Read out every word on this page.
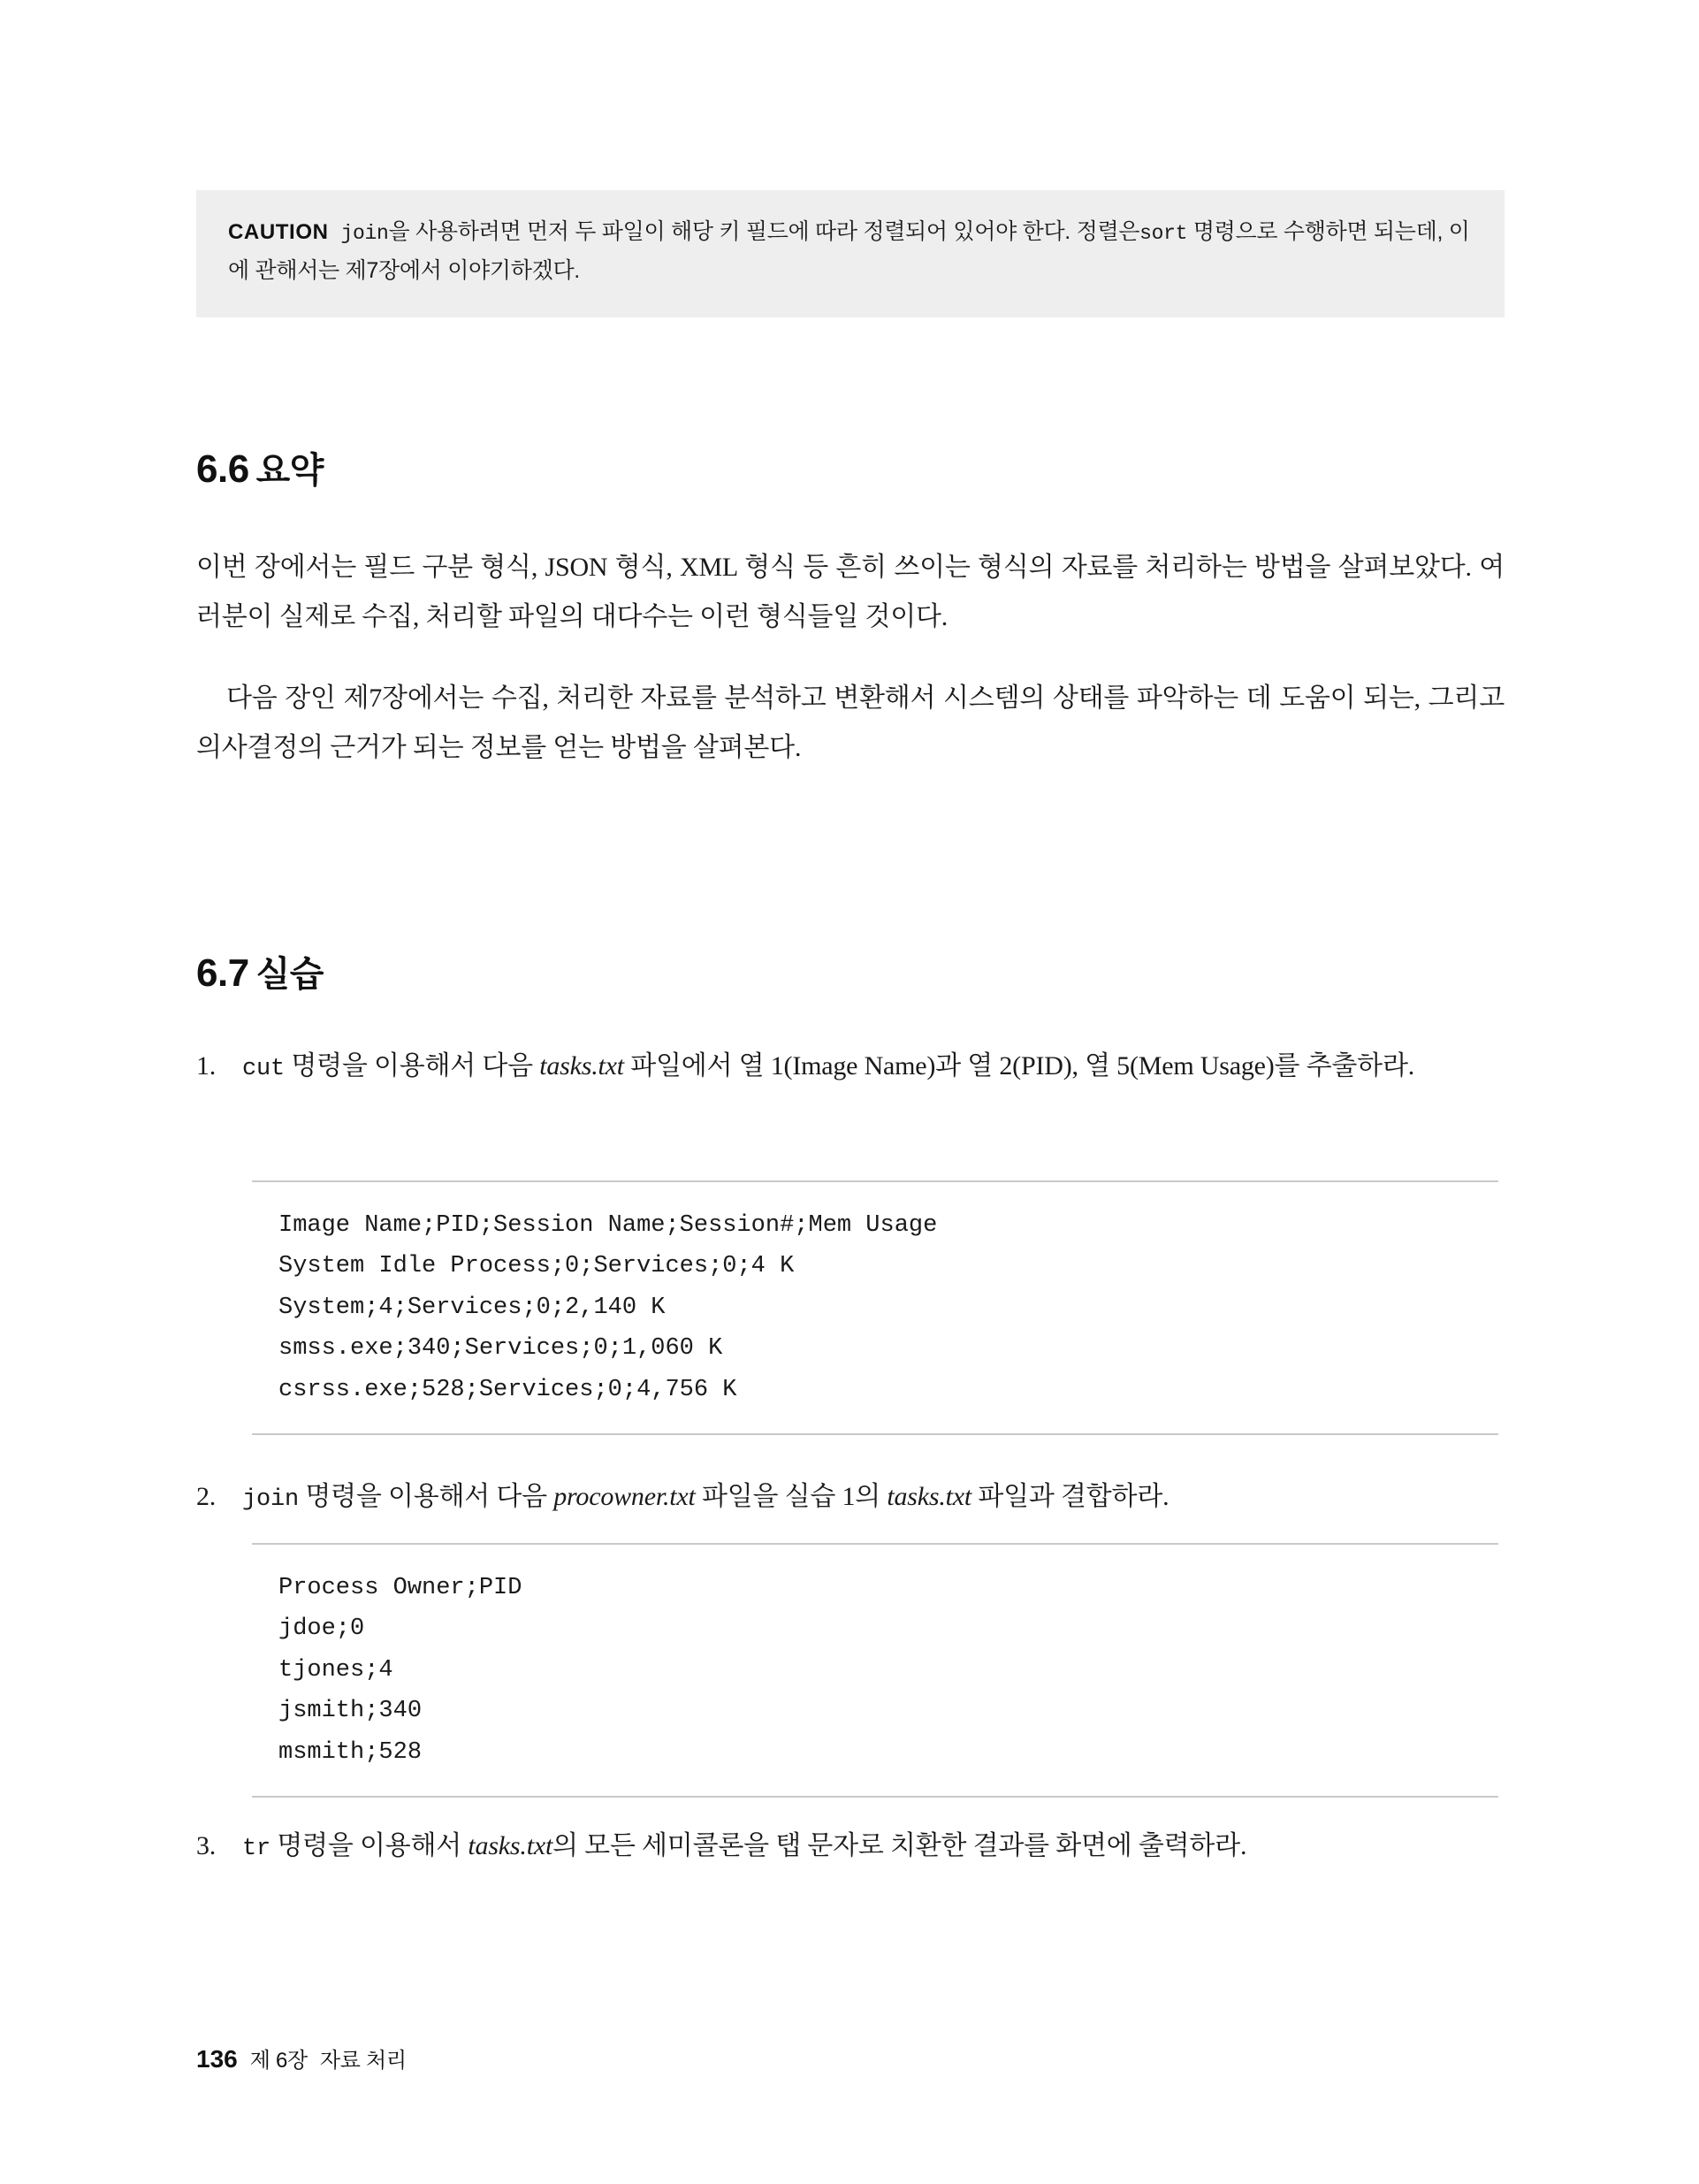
CAUTION join을 사용하려면 먼저 두 파일이 해당 키 필드에 따라 정렬되어 있어야 한다. 정렬은sort 명령으로 수행하면 되는데, 이에 관해서는 제7장에서 이야기하겠다.
6.6 요약
이번 장에서는 필드 구분 형식, JSON 형식, XML 형식 등 흔히 쓰이는 형식의 자료를 처리하는 방법을 살펴보았다. 여러분이 실제로 수집, 처리할 파일의 대다수는 이런 형식들일 것이다.
다음 장인 제7장에서는 수집, 처리한 자료를 분석하고 변환해서 시스템의 상태를 파악하는 데 도움이 되는, 그리고 의사결정의 근거가 되는 정보를 얻는 방법을 살펴본다.
6.7 실습
1.	cut 명령을 이용해서 다음 tasks.txt 파일에서 열 1(Image Name)과 열 2(PID), 열 5(Mem Usage)를 추출하라.
Image Name;PID;Session Name;Session#;Mem Usage
System Idle Process;0;Services;0;4 K
System;4;Services;0;2,140 K
smss.exe;340;Services;0;1,060 K
csrss.exe;528;Services;0;4,756 K
2.	join 명령을 이용해서 다음 procowner.txt 파일을 실습 1의 tasks.txt 파일과 결합하라.
Process Owner;PID
jdoe;0
tjones;4
jsmith;340
msmith;528
3.	tr 명령을 이용해서 tasks.txt의 모든 세미콜론을 탭 문자로 치환한 결과를 화면에 출력하라.
136 제 6장 자료 처리
